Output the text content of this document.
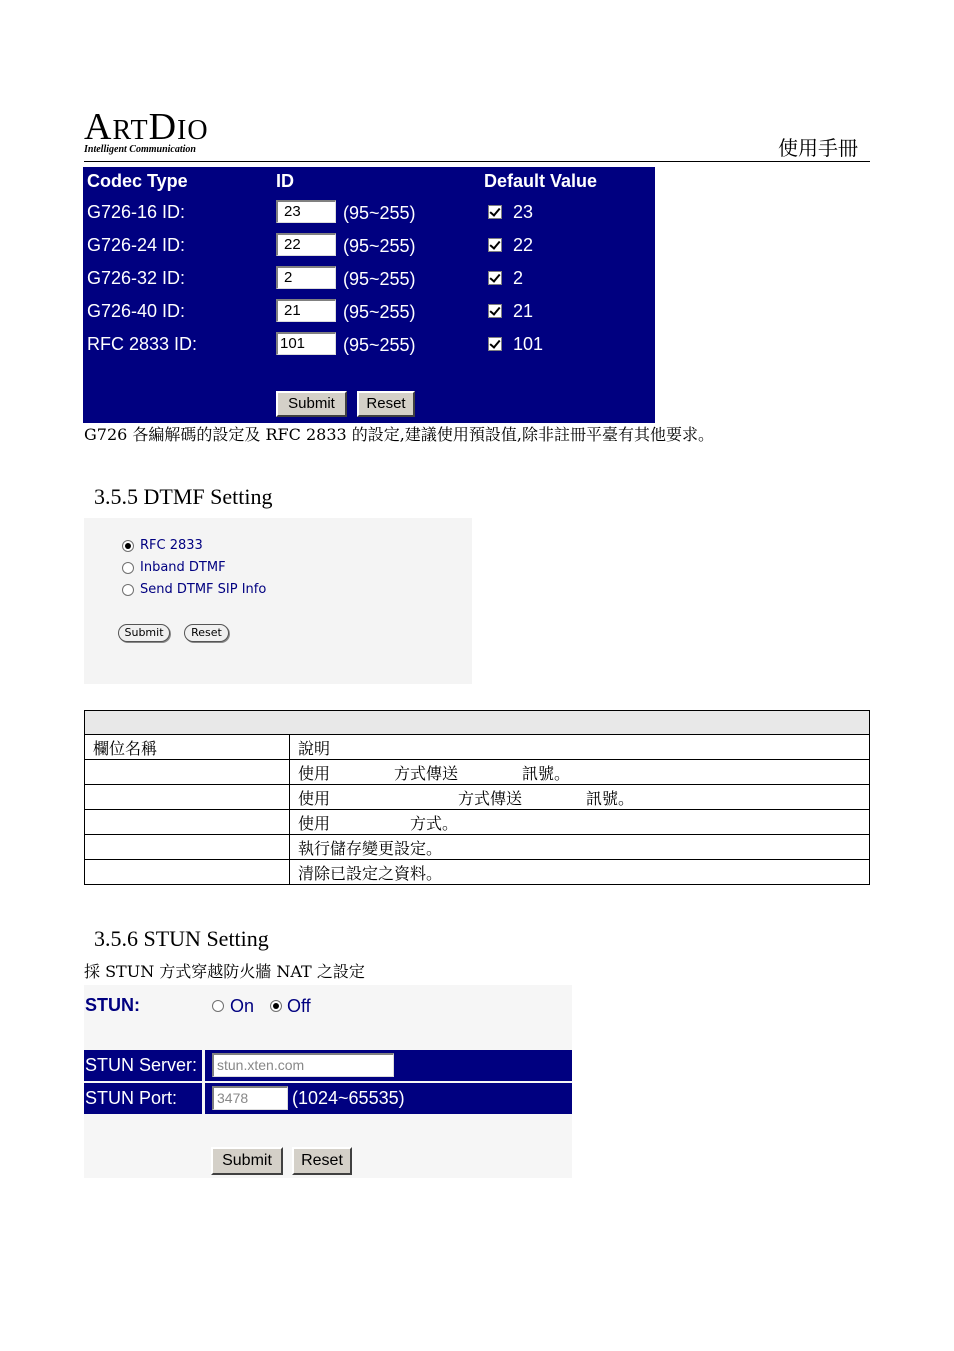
ARTDIO
Intelligent Communication	使用手冊
Codec Type	ID	Default Value
G726-16 ID:	23	(95~255)	23
G726-24 ID:	22	(95~255)	22
G726-32 ID:	2	(95~255)	2
G726-40 ID:	21	(95~255)	21
RFC 2833 ID:	101	(95~255)	101
Submit	Reset
G726 各編解碼的設定及 RFC 2833 的設定,建議使用預設值,除非註冊平臺有其他要求。
3.5.5 DTMF Setting
RFC 2833
Inband DTMF
Send DTMF SIP Info
Submit	Reset

欄位名稱	說明
	使用　　　　方式傳送　　　　訊號。
	使用　　　　　　　　方式傳送　　　　訊號。
	使用　　　　　方式。
	執行儲存變更設定。
	清除已設定之資料。
3.5.6 STUN Setting
採 STUN 方式穿越防火牆 NAT 之設定
STUN:	On Off
STUN Server:	stun.xten.com
STUN Port:	3478	(1024~65535)
Submit	Reset
